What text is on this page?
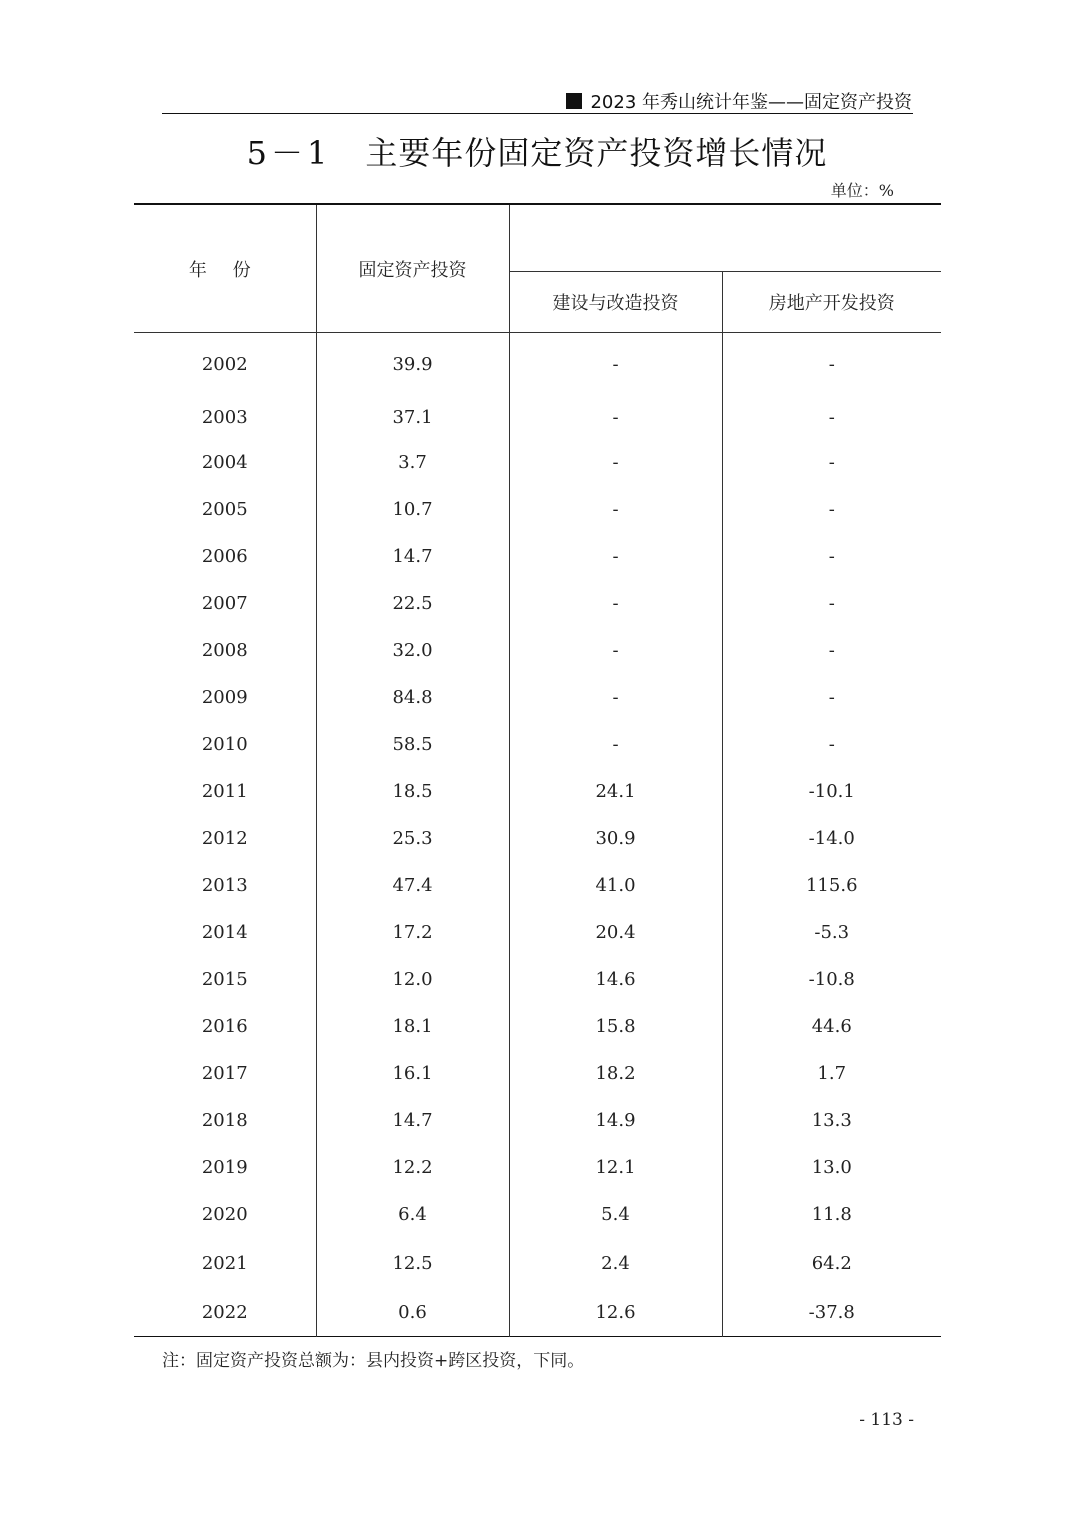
2023 年秀山统计年鉴——固定资产投资
5－1 主要年份固定资产投资增长情况
单位：%
年 份	固定资产投资		
		建设与改造投资	房地产开发投资
2002	39.9	-	-
2003	37.1	-	-
2004	3.7	-	-
2005	10.7	-	-
2006	14.7	-	-
2007	22.5	-	-
2008	32.0	-	-
2009	84.8	-	-
2010	58.5	-	-
2011	18.5	24.1	-10.1
2012	25.3	30.9	-14.0
2013	47.4	41.0	115.6
2014	17.2	20.4	-5.3
2015	12.0	14.6	-10.8
2016	18.1	15.8	44.6
2017	16.1	18.2	1.7
2018	14.7	14.9	13.3
2019	12.2	12.1	13.0
2020	6.4	5.4	11.8
2021	12.5	2.4	64.2
2022	0.6	12.6	-37.8
注：固定资产投资总额为：县内投资+跨区投资，下同。
- 113 -
